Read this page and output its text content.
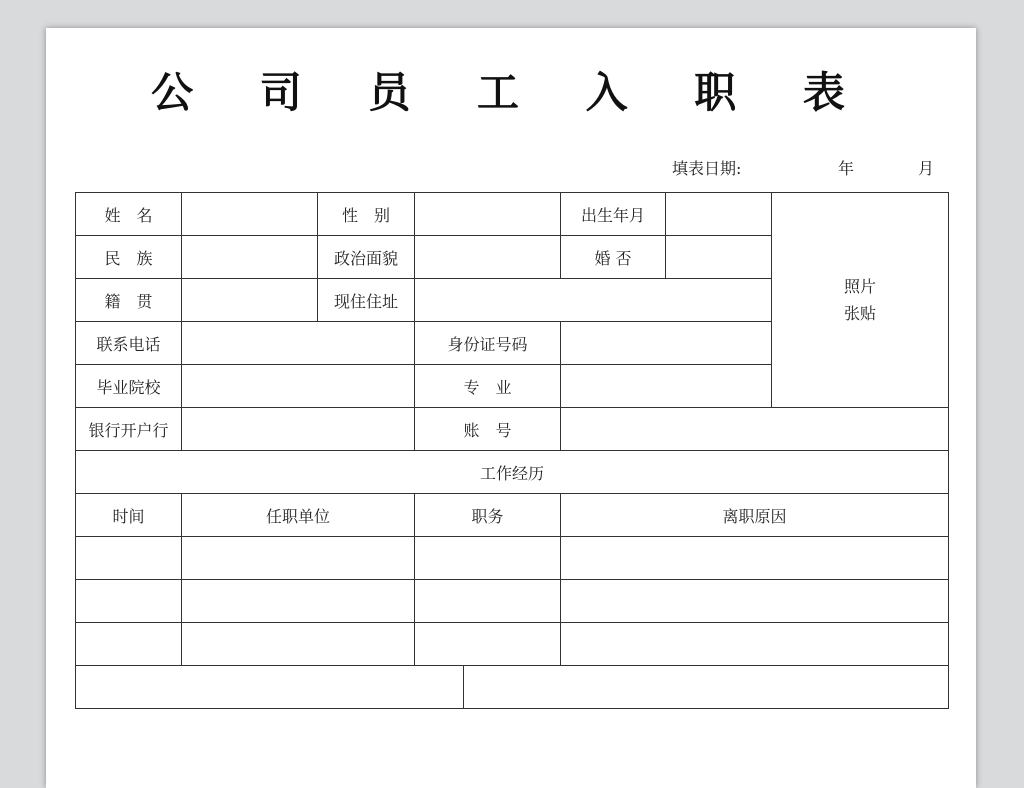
公 司 员 工 入 职 表
填表日期:	年	月
姓　名		性　别			出生年月		照片
张贴

民　族		政治面貌			婚 否		
籍　贯		现住住址					
联系电话			身份证号码				
毕业院校			专　业				
银行开户行			账　号				
工作经历							
时间	任职单位		职务		离职原因		
